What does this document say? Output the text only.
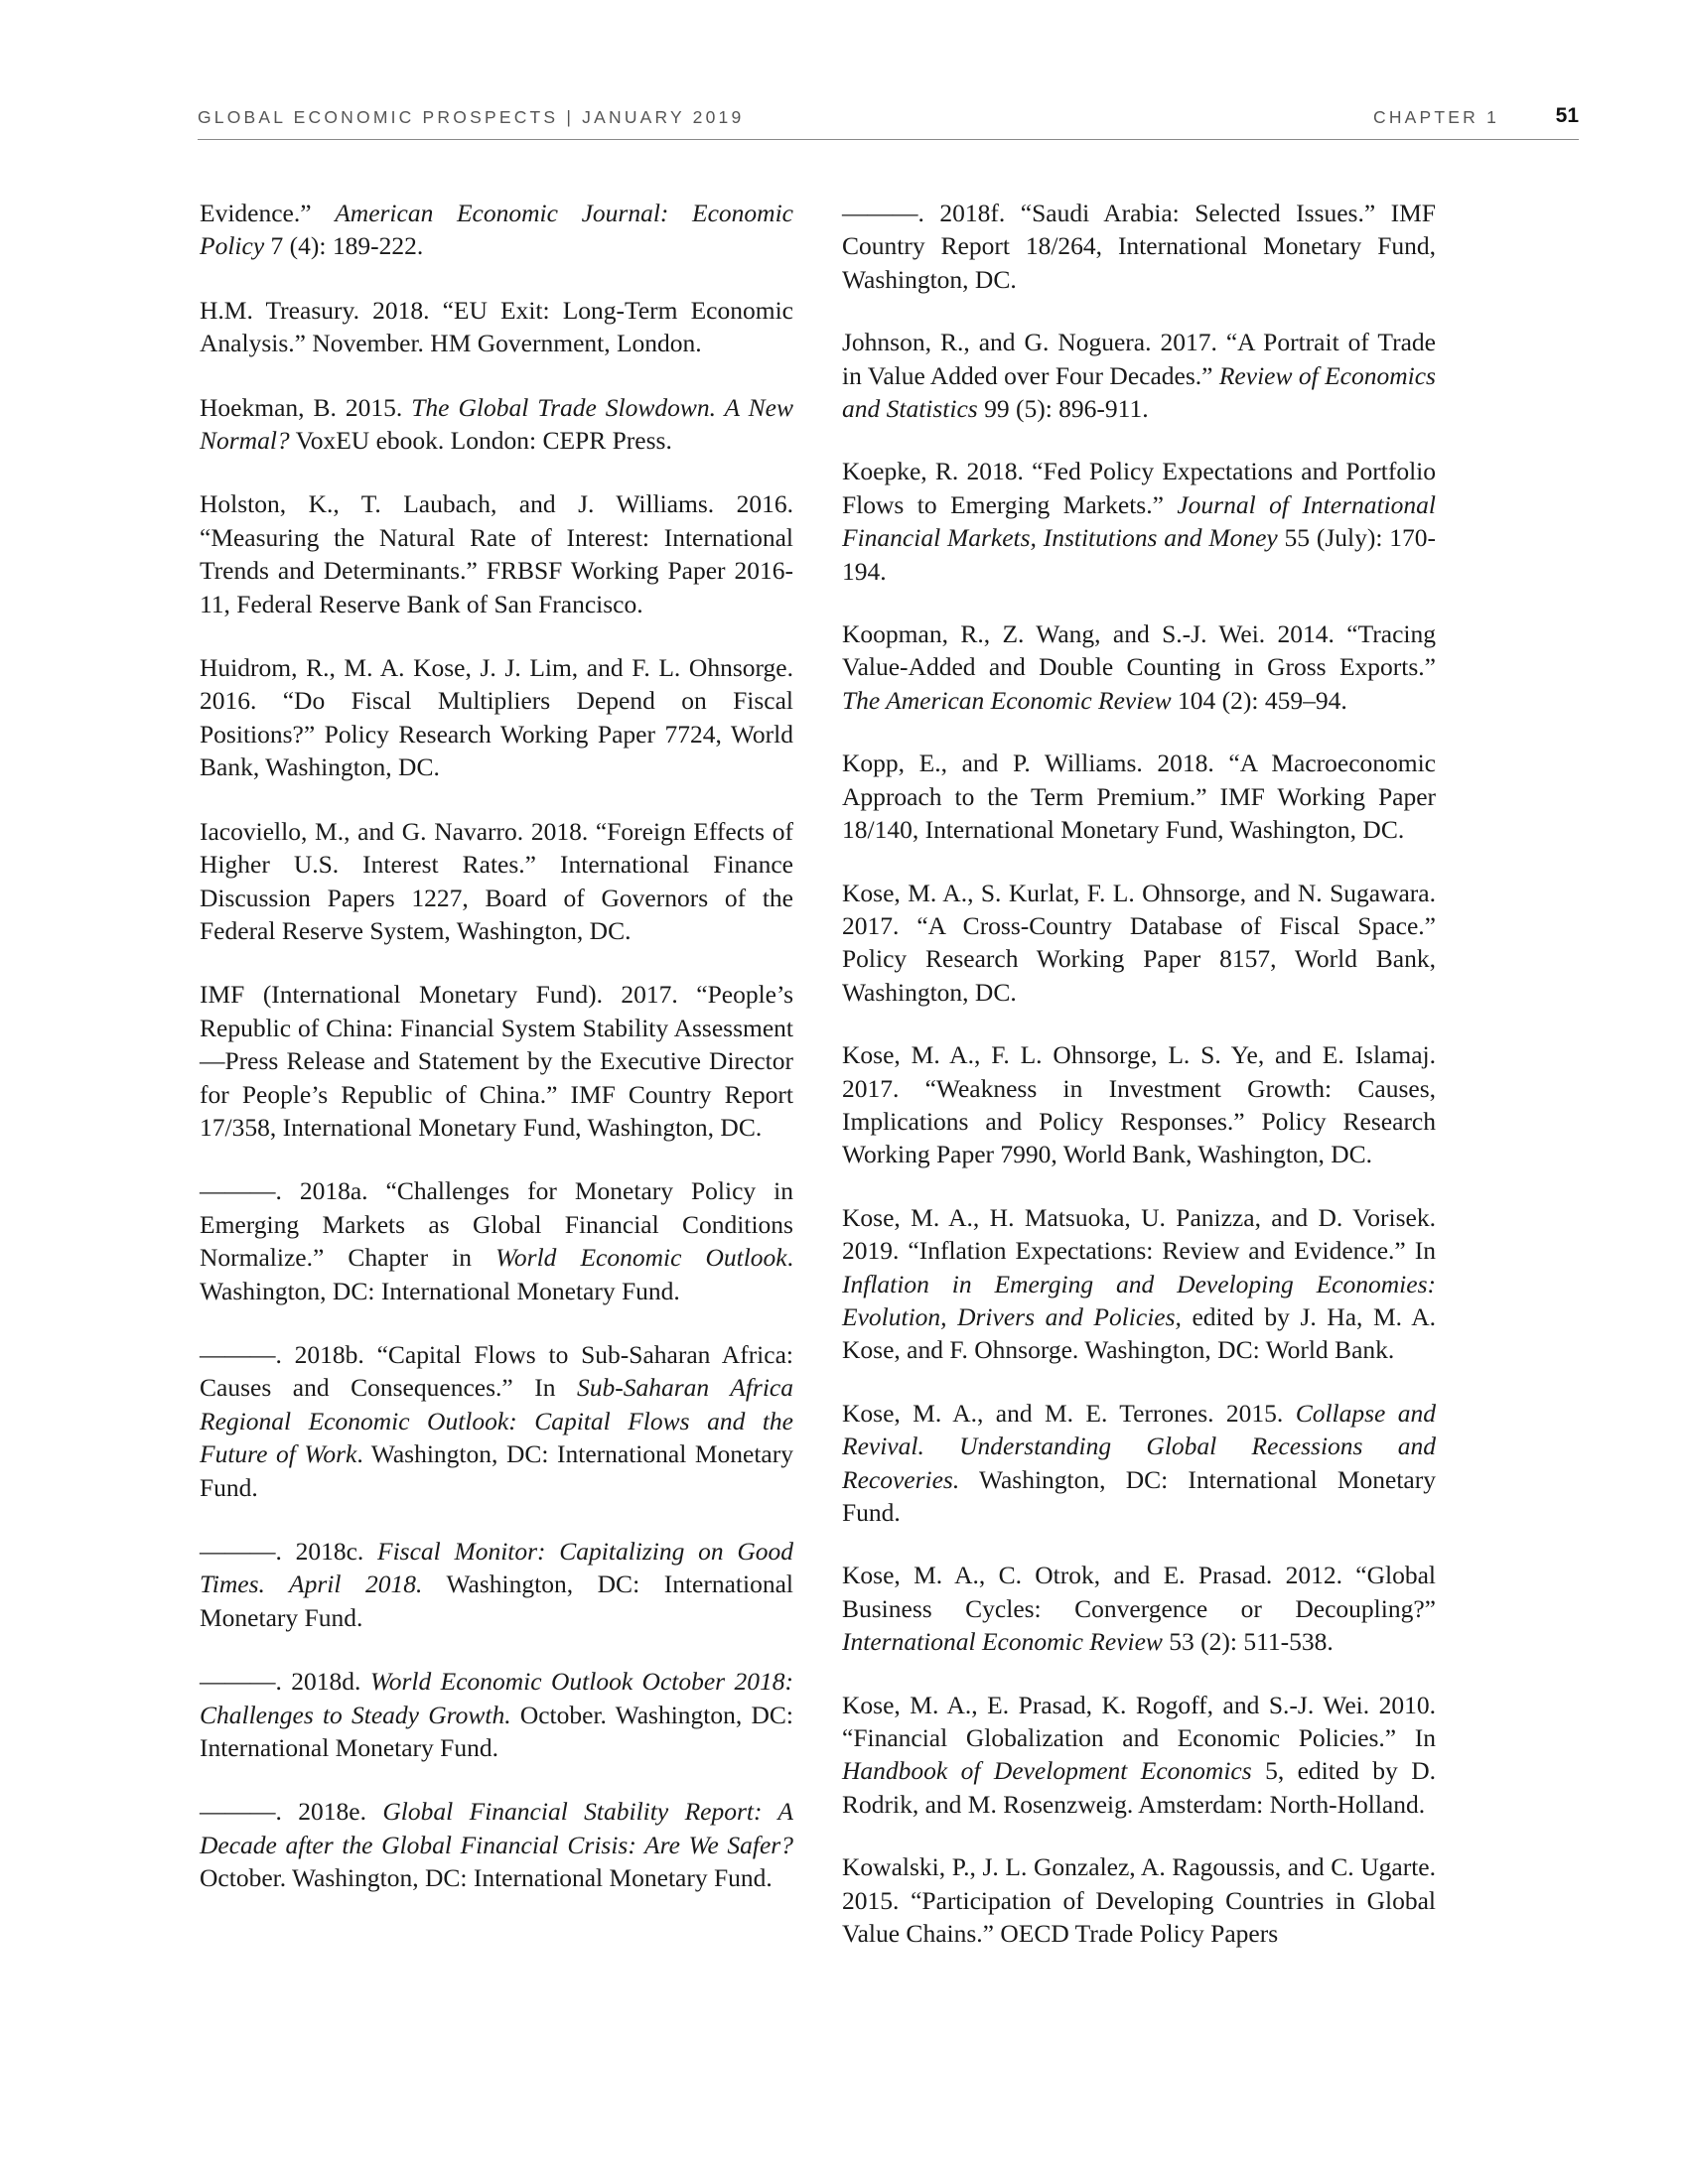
GLOBAL ECONOMIC PROSPECTS | JANUARY 2019	CHAPTER 1	51

Evidence.” American Economic Journal: Economic Policy 7 (4): 189-222.

H.M. Treasury. 2018. “EU Exit: Long-Term Economic Analysis.” November. HM Government, London.

Hoekman, B. 2015. The Global Trade Slowdown. A New Normal? VoxEU ebook. London: CEPR Press.

Holston, K., T. Laubach, and J. Williams. 2016. “Measuring the Natural Rate of Interest: International Trends and Determinants.” FRBSF Working Paper 2016-11, Federal Reserve Bank of San Francisco.

Huidrom, R., M. A. Kose, J. J. Lim, and F. L. Ohnsorge. 2016. “Do Fiscal Multipliers Depend on Fiscal Positions?” Policy Research Working Paper 7724, World Bank, Washington, DC.

Iacoviello, M., and G. Navarro. 2018. “Foreign Effects of Higher U.S. Interest Rates.” International Finance Discussion Papers 1227, Board of Governors of the Federal Reserve System, Washington, DC.

IMF (International Monetary Fund). 2017. “People’s Republic of China: Financial System Stability Assessment—Press Release and Statement by the Executive Director for People’s Republic of China.” IMF Country Report 17/358, International Monetary Fund, Washington, DC.

———. 2018a. “Challenges for Monetary Policy in Emerging Markets as Global Financial Conditions Normalize.” Chapter in World Economic Outlook. Washington, DC: International Monetary Fund.

———. 2018b. “Capital Flows to Sub-Saharan Africa: Causes and Consequences.” In Sub-Saharan Africa Regional Economic Outlook: Capital Flows and the Future of Work. Washington, DC: International Monetary Fund.

———. 2018c. Fiscal Monitor: Capitalizing on Good Times. April 2018. Washington, DC: International Monetary Fund.

———. 2018d. World Economic Outlook October 2018: Challenges to Steady Growth. October. Washington, DC: International Monetary Fund.

———. 2018e. Global Financial Stability Report: A Decade after the Global Financial Crisis: Are We Safer? October. Washington, DC: International Monetary Fund.

———. 2018f. “Saudi Arabia: Selected Issues.” IMF Country Report 18/264, International Monetary Fund, Washington, DC.

Johnson, R., and G. Noguera. 2017. “A Portrait of Trade in Value Added over Four Decades.” Review of Economics and Statistics 99 (5): 896-911.

Koepke, R. 2018. “Fed Policy Expectations and Portfolio Flows to Emerging Markets.” Journal of International Financial Markets, Institutions and Money 55 (July): 170-194.

Koopman, R., Z. Wang, and S.-J. Wei. 2014. “Tracing Value-Added and Double Counting in Gross Exports.” The American Economic Review 104 (2): 459–94.

Kopp, E., and P. Williams. 2018. “A Macroeconomic Approach to the Term Premium.” IMF Working Paper 18/140, International Monetary Fund, Washington, DC.

Kose, M. A., S. Kurlat, F. L. Ohnsorge, and N. Sugawara. 2017. “A Cross-Country Database of Fiscal Space.” Policy Research Working Paper 8157, World Bank, Washington, DC.

Kose, M. A., F. L. Ohnsorge, L. S. Ye, and E. Islamaj. 2017. “Weakness in Investment Growth: Causes, Implications and Policy Responses.” Policy Research Working Paper 7990, World Bank, Washington, DC.

Kose, M. A., H. Matsuoka, U. Panizza, and D. Vorisek. 2019. “Inflation Expectations: Review and Evidence.” In Inflation in Emerging and Developing Economies: Evolution, Drivers and Policies, edited by J. Ha, M. A. Kose, and F. Ohnsorge. Washington, DC: World Bank.

Kose, M. A., and M. E. Terrones. 2015. Collapse and Revival. Understanding Global Recessions and Recoveries. Washington, DC: International Monetary Fund.

Kose, M. A., C. Otrok, and E. Prasad. 2012. “Global Business Cycles: Convergence or Decoupling?” International Economic Review 53 (2): 511-538.

Kose, M. A., E. Prasad, K. Rogoff, and S.-J. Wei. 2010. “Financial Globalization and Economic Policies.” In Handbook of Development Economics 5, edited by D. Rodrik, and M. Rosenzweig. Amsterdam: North-Holland.

Kowalski, P., J. L. Gonzalez, A. Ragoussis, and C. Ugarte. 2015. “Participation of Developing Countries in Global Value Chains.” OECD Trade Policy Papers
